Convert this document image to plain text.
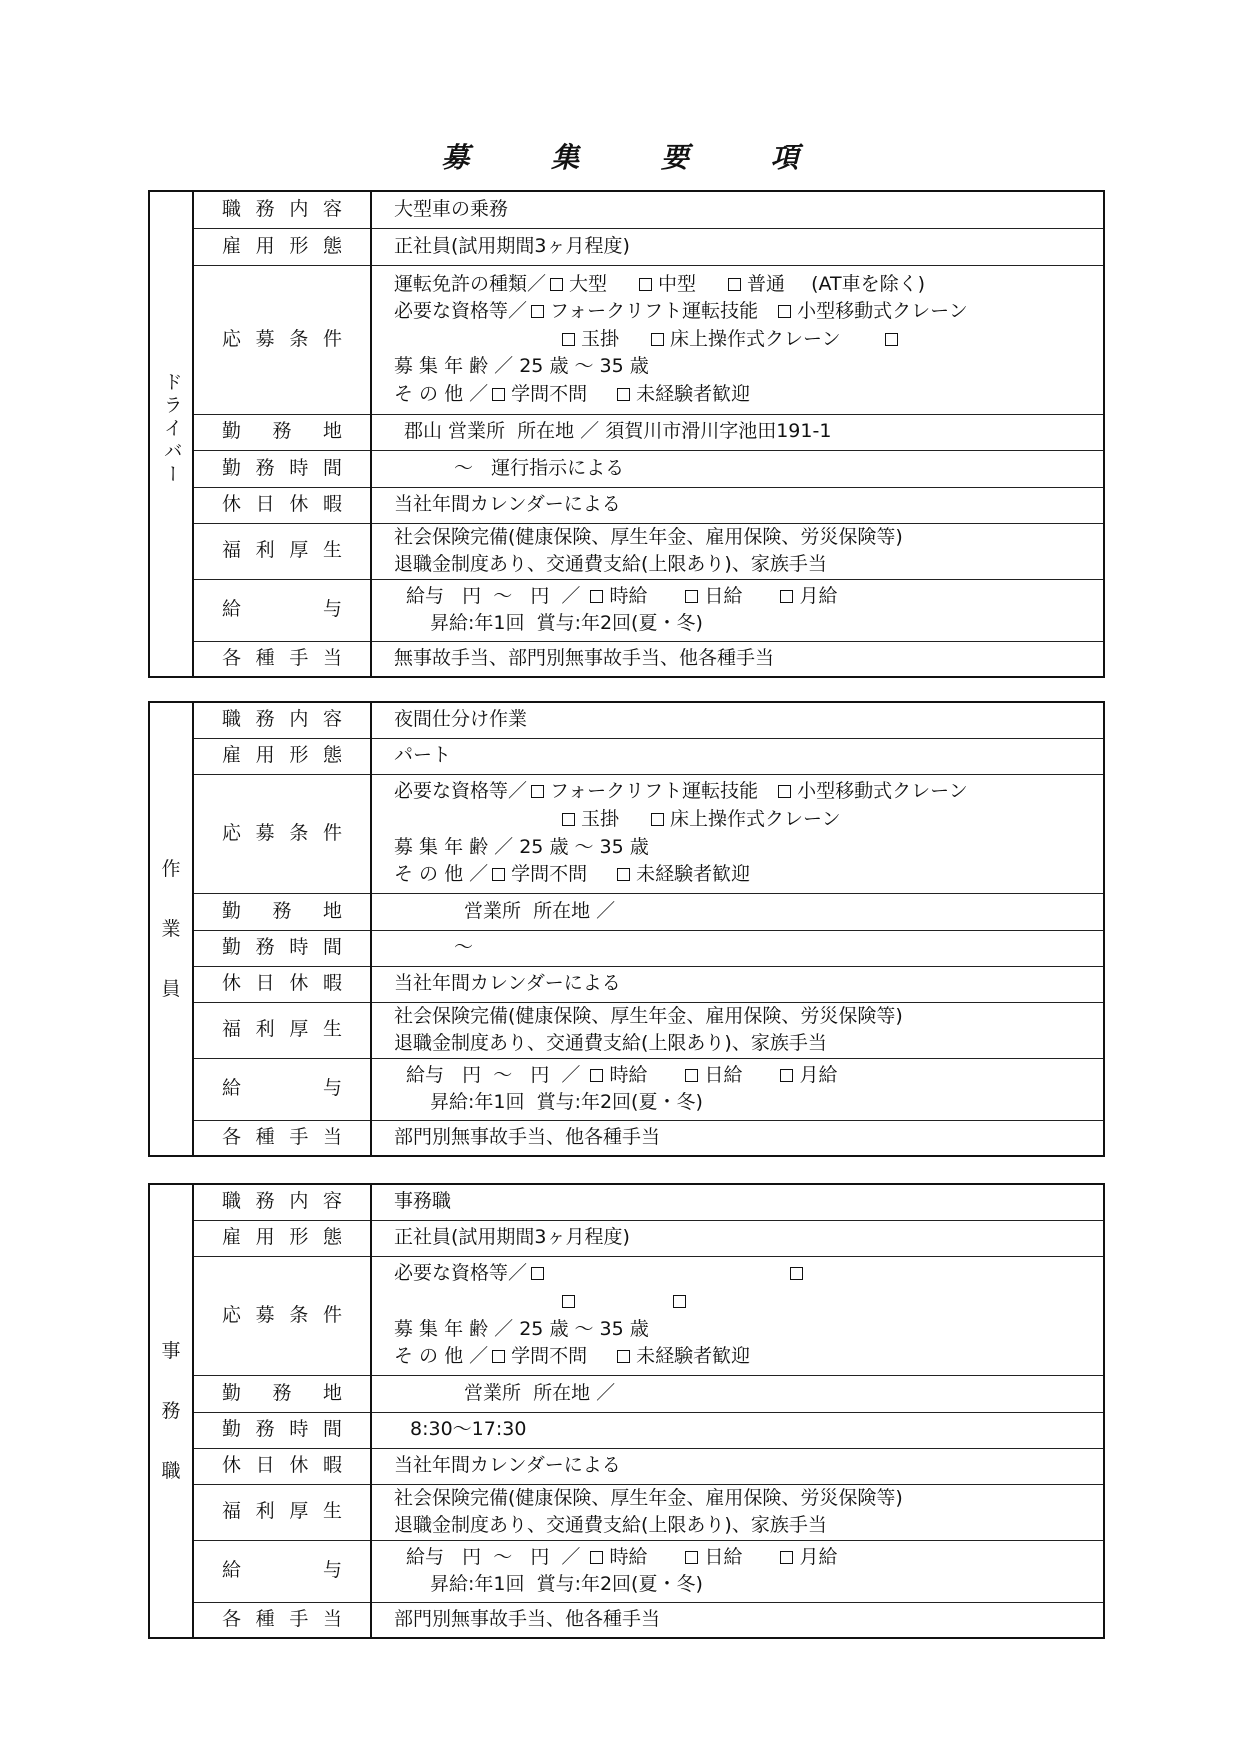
募 集 要 項
ドライバー	職務内容	大型車の乗務
	雇用形態	正社員(試用期間3ヶ月程度)
	応募条件	運転免許の種類／ 大型 中型 普通 (AT車を除く)
必要な資格等／ フォークリフト運転技能 小型移動式クレーン
玉掛 床上操作式クレーン
募 集 年 齢 ／ 25 歳 ～ 35 歳
そ の 他 ／ 学問不問 未経験者歓迎

	勤務地	郡山 営業所  所在地 ／ 須賀川市滑川字池田191-1
	勤務時間	～   運行指示による
	休日休暇	当社年間カレンダーによる
	福利厚生	社会保険完備(健康保険、厚生年金、雇用保険、労災保険等)
退職金制度あり、交通費支給(上限あり)、家族手当

	給与	給与   円  ～   円  ／ 時給 日給 月給
昇給:年1回  賞与:年2回(夏・冬)

	各種手当	無事故手当、部門別無事故手当、他各種手当
作
業
員	職務内容	夜間仕分け作業
	雇用形態	パート
	応募条件	必要な資格等／ フォークリフト運転技能 小型移動式クレーン
玉掛 床上操作式クレーン
募 集 年 齢 ／ 25 歳 ～ 35 歳
そ の 他 ／ 学問不問 未経験者歓迎

	勤務地	営業所  所在地 ／
	勤務時間	～
	休日休暇	当社年間カレンダーによる
	福利厚生	社会保険完備(健康保険、厚生年金、雇用保険、労災保険等)
退職金制度あり、交通費支給(上限あり)、家族手当

	給与	給与   円  ～   円  ／ 時給 日給 月給
昇給:年1回  賞与:年2回(夏・冬)

	各種手当	部門別無事故手当、他各種手当
事
務
職	職務内容	事務職
	雇用形態	正社員(試用期間3ヶ月程度)
	応募条件	必要な資格等／
募 集 年 齢 ／ 25 歳 ～ 35 歳
そ の 他 ／ 学問不問 未経験者歓迎

	勤務地	営業所  所在地 ／
	勤務時間	8:30～17:30
	休日休暇	当社年間カレンダーによる
	福利厚生	社会保険完備(健康保険、厚生年金、雇用保険、労災保険等)
退職金制度あり、交通費支給(上限あり)、家族手当

	給与	給与   円  ～   円  ／ 時給 日給 月給
昇給:年1回  賞与:年2回(夏・冬)

	各種手当	部門別無事故手当、他各種手当
